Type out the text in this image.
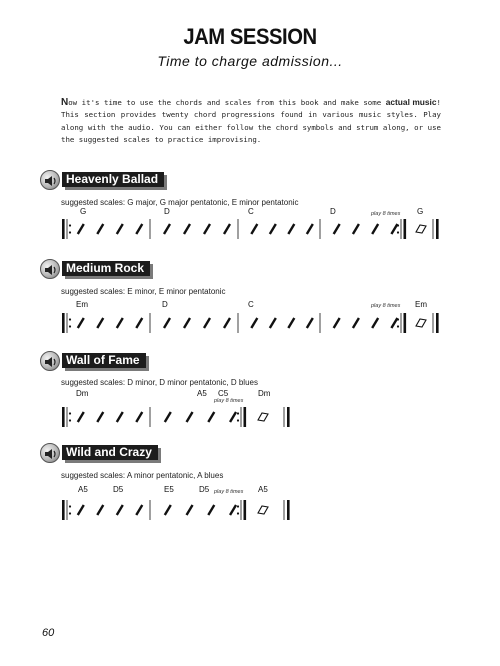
JAM SESSION
Time to charge admission...
Now it's time to use the chords and scales from this book and make some actual music! This section provides twenty chord progressions found in various music styles. Play along with the audio. You can either follow the chord symbols and strum along, or use the suggested scales to practice improvising.
Heavenly Ballad
suggested scales: G major, G major pentatonic, E minor pentatonic
G	D	C	D	G
play 8 times
Medium Rock
suggested scales: E minor, E minor pentatonic
Em	D	C	Em
play 8 times
Wall of Fame
suggested scales: D minor, D minor pentatonic, D blues
Dm	A5 C5	Dm
play 8 times
Wild and Crazy
suggested scales: A minor pentatonic, A blues
A5	D5	E5	D5	A5
play 8 times
60
